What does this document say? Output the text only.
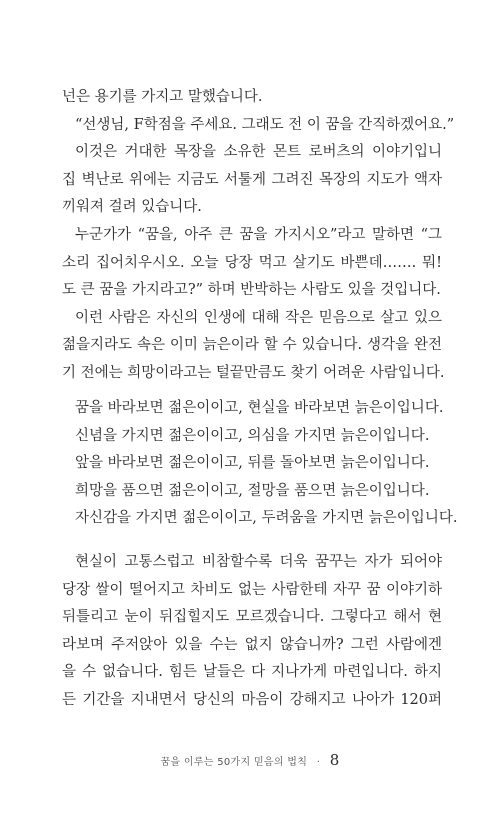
넌은 용기를 가지고 말했습니다.
“선생님, F학점을 주세요. 그래도 전 이 꿈을 간직하겠어요.”
이것은 거대한 목장을 소유한 몬트 로버츠의 이야기입니
집 벽난로 위에는 지금도 서툴게 그려진 목장의 지도가 액자
끼워져 걸려 있습니다.
누군가가 “꿈을, 아주 큰 꿈을 가지시오”라고 말하면 “그
소리 집어치우시오. 오늘 당장 먹고 살기도 바쁜데……. 뭐!
도 큰 꿈을 가지라고?” 하며 반박하는 사람도 있을 것입니다.
이런 사람은 자신의 인생에 대해 작은 믿음으로 살고 있으
젊을지라도 속은 이미 늙은이라 할 수 있습니다. 생각을 완전
기 전에는 희망이라고는 털끝만큼도 찾기 어려운 사람입니다.
꿈을 바라보면 젊은이이고, 현실을 바라보면 늙은이입니다.
신념을 가지면 젊은이이고, 의심을 가지면 늙은이입니다.
앞을 바라보면 젊은이이고, 뒤를 돌아보면 늙은이입니다.
희망을 품으면 젊은이이고, 절망을 품으면 늙은이입니다.
자신감을 가지면 젊은이이고, 두려움을 가지면 늙은이입니다.
현실이 고통스럽고 비참할수록 더욱 꿈꾸는 자가 되어야
당장 쌀이 떨어지고 차비도 없는 사람한테 자꾸 꿈 이야기하
뒤틀리고 눈이 뒤집힐지도 모르겠습니다. 그렇다고 해서 현
라보며 주저앉아 있을 수는 없지 않습니까? 그런 사람에겐
을 수 없습니다. 힘든 날들은 다 지나가게 마련입니다. 하지
든 기간을 지내면서 당신의 마음이 강해지고 나아가 120퍼
꿈을 이루는 50가지 믿음의 법칙 · 8
